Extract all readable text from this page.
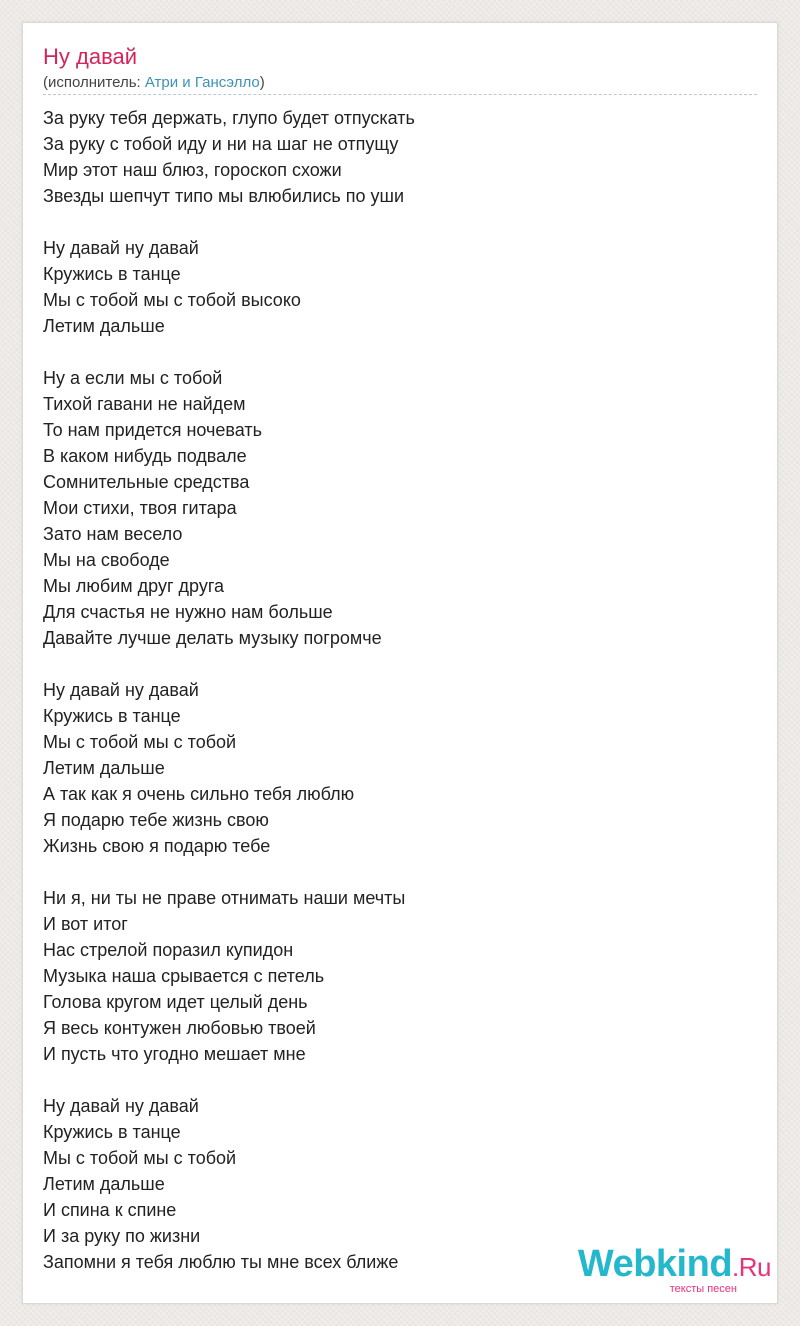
Ну давай
(исполнитель: Атри и Гансэлло)
За руку тебя держать, глупо будет отпускать
За руку с тобой иду и ни на шаг не отпущу
Мир этот наш блюз, гороскоп схожи
Звезды шепчут типо мы влюбились по уши
Ну давай ну давай
Кружись в танце
Мы с тобой мы с тобой высоко
Летим дальше
Ну а если мы с тобой
Тихой гавани не найдем
То нам придется ночевать
В каком нибудь подвале
Сомнительные средства
Мои стихи, твоя гитара
Зато нам весело
Мы на свободе
Мы любим друг друга
Для счастья не нужно нам больше
Давайте лучше делать музыку погромче
Ну давай ну давай
Кружись в танце
Мы с тобой мы с тобой
Летим дальше
А так как я очень сильно тебя люблю
Я подарю тебе жизнь свою
Жизнь свою я подарю тебе
Ни я, ни ты не праве отнимать наши мечты
И вот итог
Нас стрелой поразил купидон
Музыка наша срывается с петель
Голова кругом идет целый день
Я весь контужен любовью твоей
И пусть что угодно мешает мне
Ну давай ну давай
Кружись в танце
Мы с тобой мы с тобой
Летим дальше
И спина к спине
И за руку по жизни
Запомни я тебя люблю ты мне всех ближе	Webkind.Ru
тексты песен
